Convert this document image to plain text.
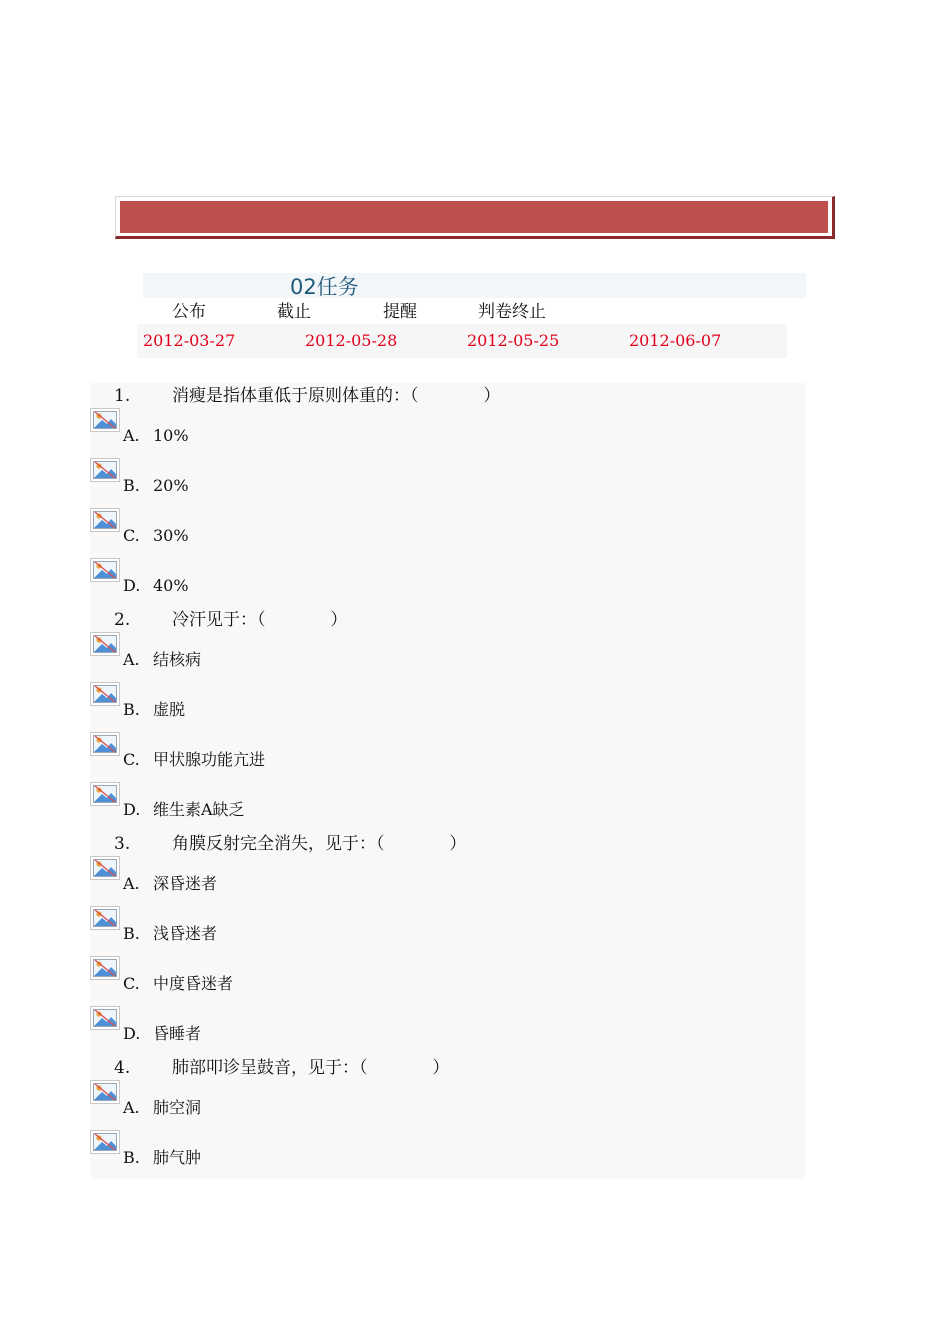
02任务
公布	截止	提醒	判卷终止
2012-03-27	2012-05-28	2012-05-25	2012-06-07
1. 消瘦是指体重低于原则体重的：（            ）
A. 10%
B. 20%
C. 30%
D. 40%
2. 冷汗见于：（            ）
A. 结核病
B. 虚脱
C. 甲状腺功能亢进
D. 维生素A缺乏
3. 角膜反射完全消失，见于：（            ）
A. 深昏迷者
B. 浅昏迷者
C. 中度昏迷者
D. 昏睡者
4. 肺部叩诊呈鼓音，见于：（            ）
A. 肺空洞
B. 肺气肿
